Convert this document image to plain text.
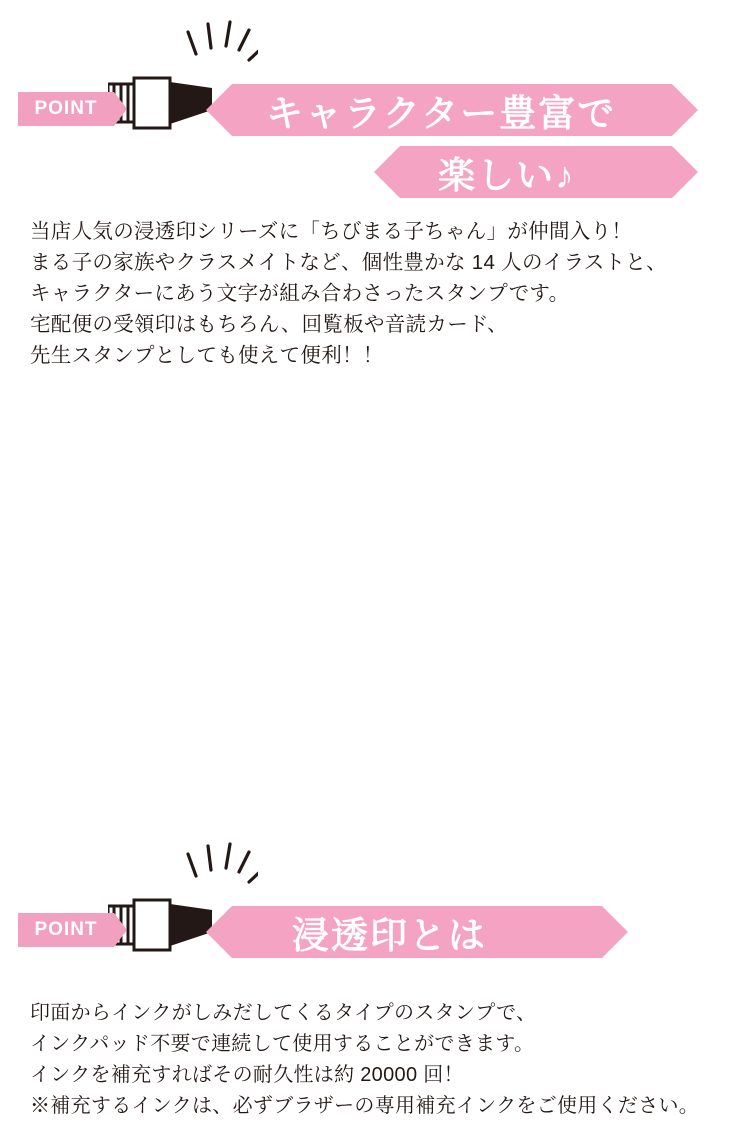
POINT	キャラクター豊富で
楽しい♪
当店人気の浸透印シリーズに「ちびまる子ちゃん」が仲間入り！
まる子の家族やクラスメイトなど、個性豊かな 14 人のイラストと、
キャラクターにあう文字が組み合わさったスタンプです。
宅配便の受領印はもちろん、回覧板や音読カード、
先生スタンプとしても使えて便利！！
POINT	浸透印とは
印面からインクがしみだしてくるタイプのスタンプで、
インクパッド不要で連続して使用することができます。
インクを補充すればその耐久性は約 20000 回！
※補充するインクは、必ずブラザーの専用補充インクをご使用ください。
